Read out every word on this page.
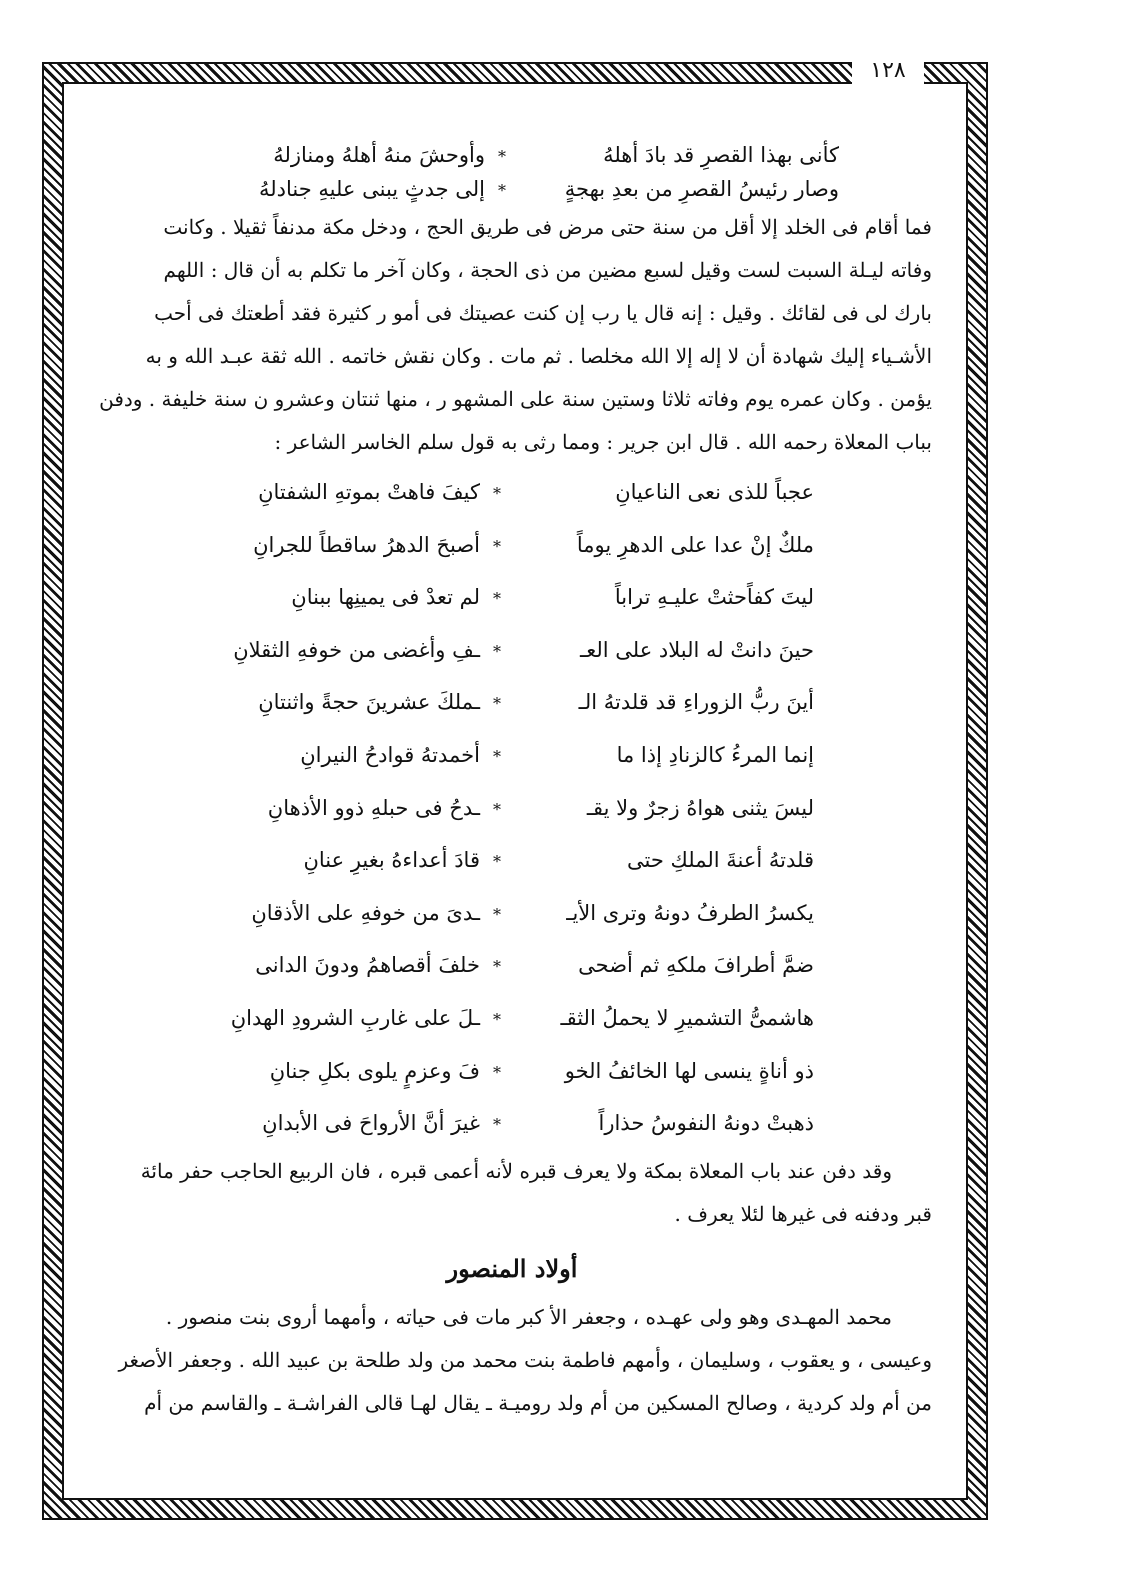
١٢٨
كأنى بهذا القصرِ قد بادَ أهلهُ
*
وأوحشَ منهُ أهلهُ ومنازلهُ
وصار رئيسُ القصرِ من بعدِ بهجةٍ
*
إلى جدثٍ يبنى عليهِ جنادلهُ
فما أقام فى الخلد إلا أقل من سنة حتى مرض فى طريق الحج ، ودخل مكة مدنفاً ثقيلا . وكانت
وفاته ليـلة السبت لست وقيل لسبع مضين من ذى الحجة ، وكان آخر ما تكلم به أن قال : اللهم
بارك لى فى لقائك . وقيل : إنه قال يا رب إن كنت عصيتك فى أمو ر كثيرة فقد أطعتك فى أحب
الأشـياء إليك شهادة أن لا إله إلا الله مخلصا . ثم مات . وكان نقش خاتمه . الله ثقة عبـد الله و به
يؤمن . وكان عمره يوم وفاته ثلاثا وستين سنة على المشهو ر ، منها ثنتان وعشرو ن سنة خليفة . ودفن
بباب المعلاة رحمه الله . قال ابن جرير : ومما رثى به قول سلم الخاسر الشاعر :
عجباً للذى نعى الناعيانِ
*
كيفَ فاهتْ بموتهِ الشفتانِ
ملكٌ إنْ عدا على الدهرِ يوماً
*
أصبحَ الدهرُ ساقطاً للجرانِ
ليتَ كفاًحثتْ عليـهِ تراباً
*
لم تعدْ فى يمينِها ببنانِ
حينَ دانتْ له البلاد على العـ
*
ـفِ وأغضى من خوفهِ الثقلانِ
أينَ ربُّ الزوراءِ قد قلدتهُ الـ
*
ـملكَ عشرينَ حجةً واثنتانِ
إنما المرءُ كالزنادِ إذا ما
*
أخمدتهُ قوادحُ النيرانِ
ليسَ يثنى هواهُ زجرٌ ولا يقـ
*
ـدحُ فى حبلهِ ذوو الأذهانِ
قلدتهُ أعنةَ الملكِ حتى
*
قادَ أعداءهُ بغيرِ عنانِ
يكسرُ الطرفُ دونهُ وترى الأيـ
*
ـدىَ من خوفهِ على الأذقانِ
ضمَّ أطرافَ ملكهِ ثم أضحى
*
خلفَ أقصاهمُ ودونَ الدانى
هاشمىُّ التشميرِ لا يحملُ الثقـ
*
ـلَ على غاربِ الشرودِ الهدانِ
ذو أناةٍ ينسى لها الخائفُ الخو
*
فَ وعزمٍ يلوى بكلِ جنانِ
ذهبتْ دونهُ النفوسُ حذاراً
*
غيرَ أنَّ الأرواحَ فى الأبدانِ
وقد دفن عند باب المعلاة بمكة ولا يعرف قبره لأنه أعمى قبره ، فان الربيع الحاجب حفر مائة
قبر ودفنه فى غيرها لئلا يعرف .
أولاد المنصور
محمد المهـدى وهو ولى عهـده ، وجعفر الأ كبر مات فى حياته ، وأمهما أروى بنت منصور .
وعيسى ، و يعقوب ، وسليمان ، وأمهم فاطمة بنت محمد من ولد طلحة بن عبيد الله . وجعفر الأصغر
من أم ولد كردية ، وصالح المسكين من أم ولد روميـة ـ يقال لهـا قالى الفراشـة ـ والقاسم من أم
